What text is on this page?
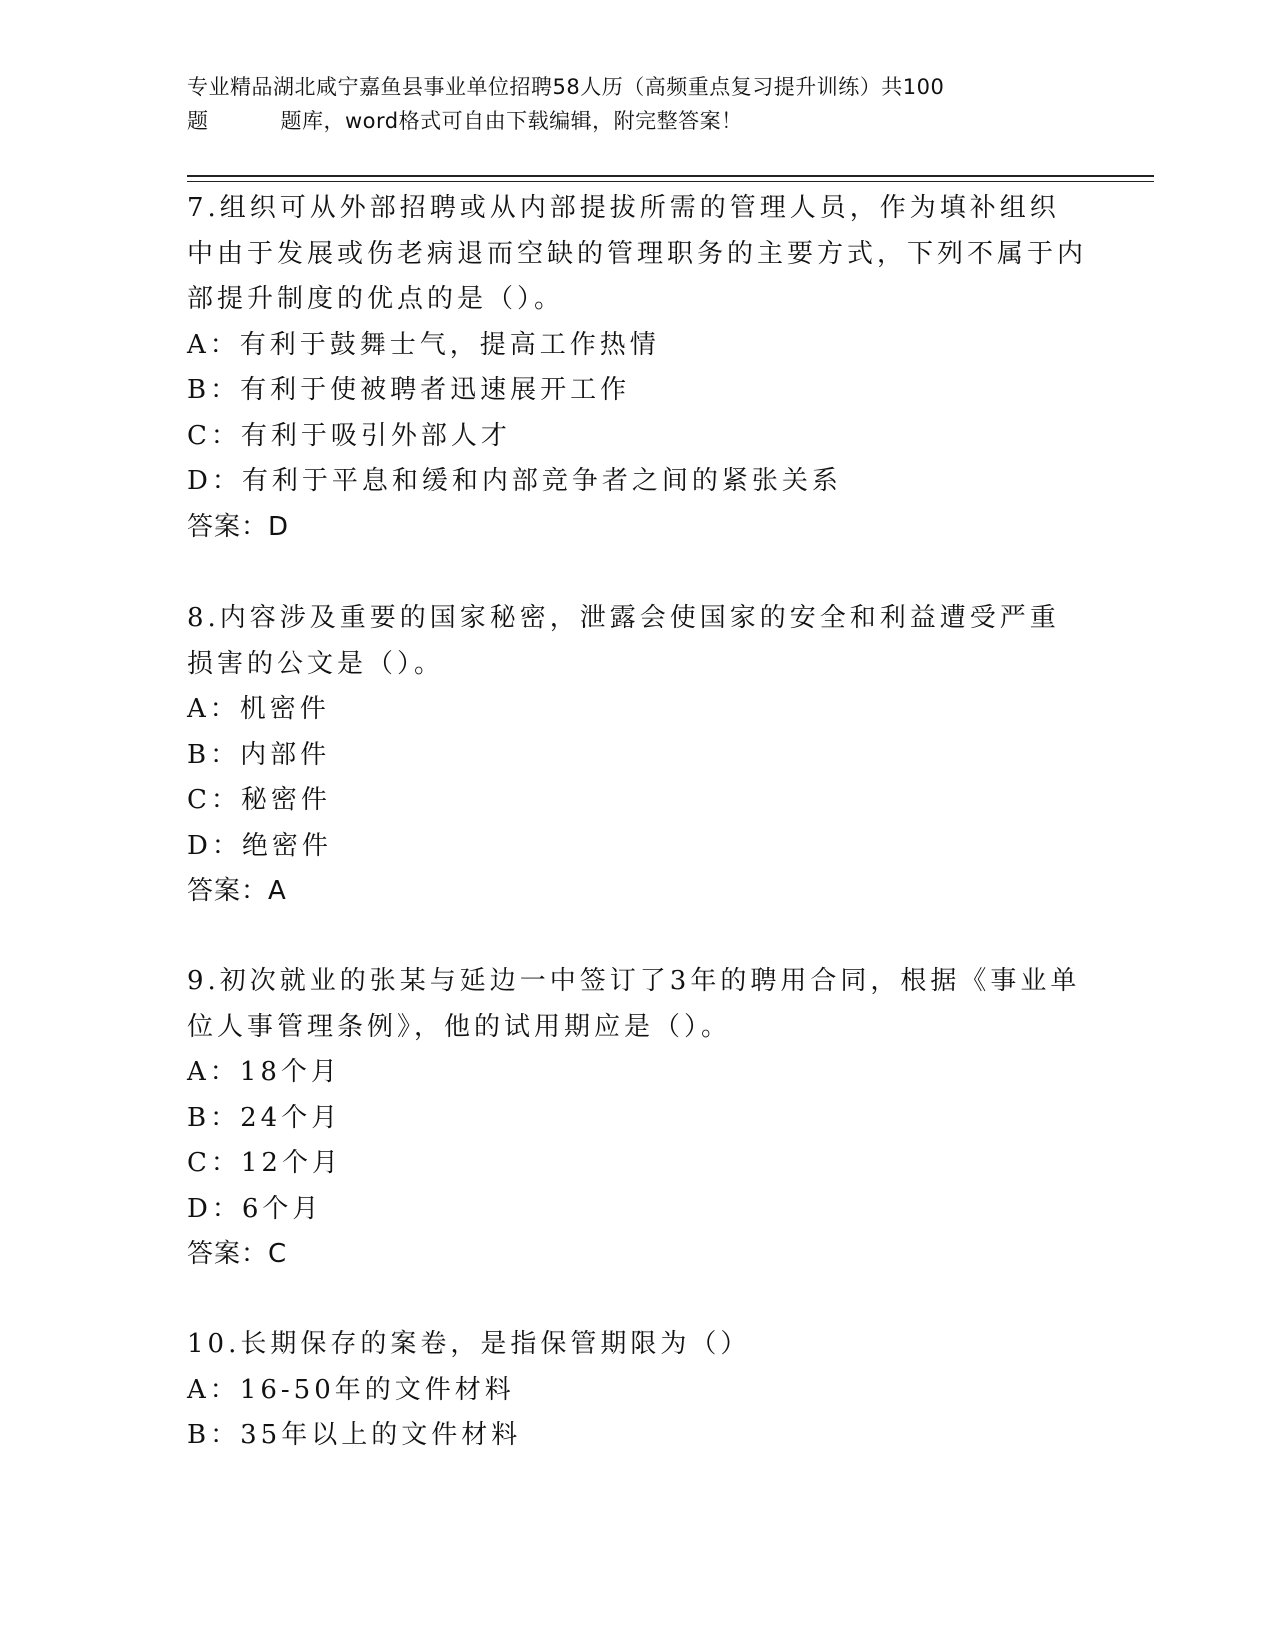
专业精品湖北咸宁嘉鱼县事业单位招聘58人历（高频重点复习提升训练）共100

题	题库，word格式可自由下载编辑，附完整答案！

7.组织可从外部招聘或从内部提拔所需的管理人员，作为填补组织中由于发展或伤老病退而空缺的管理职务的主要方式，下列不属于内部提升制度的优点的是（）。

A：有利于鼓舞士气，提高工作热情

B：有利于使被聘者迅速展开工作

C：有利于吸引外部人才

D：有利于平息和缓和内部竞争者之间的紧张关系

答案：D

8.内容涉及重要的国家秘密，泄露会使国家的安全和利益遭受严重损害的公文是（）。

A：机密件

B：内部件

C：秘密件

D：绝密件

答案：A

9.初次就业的张某与延边一中签订了3年的聘用合同，根据《事业单位人事管理条例》，他的试用期应是（）。

A：18个月

B：24个月

C：12个月

D：6个月

答案：C

10.长期保存的案卷，是指保管期限为（）

A：16-50年的文件材料

B：35年以上的文件材料
